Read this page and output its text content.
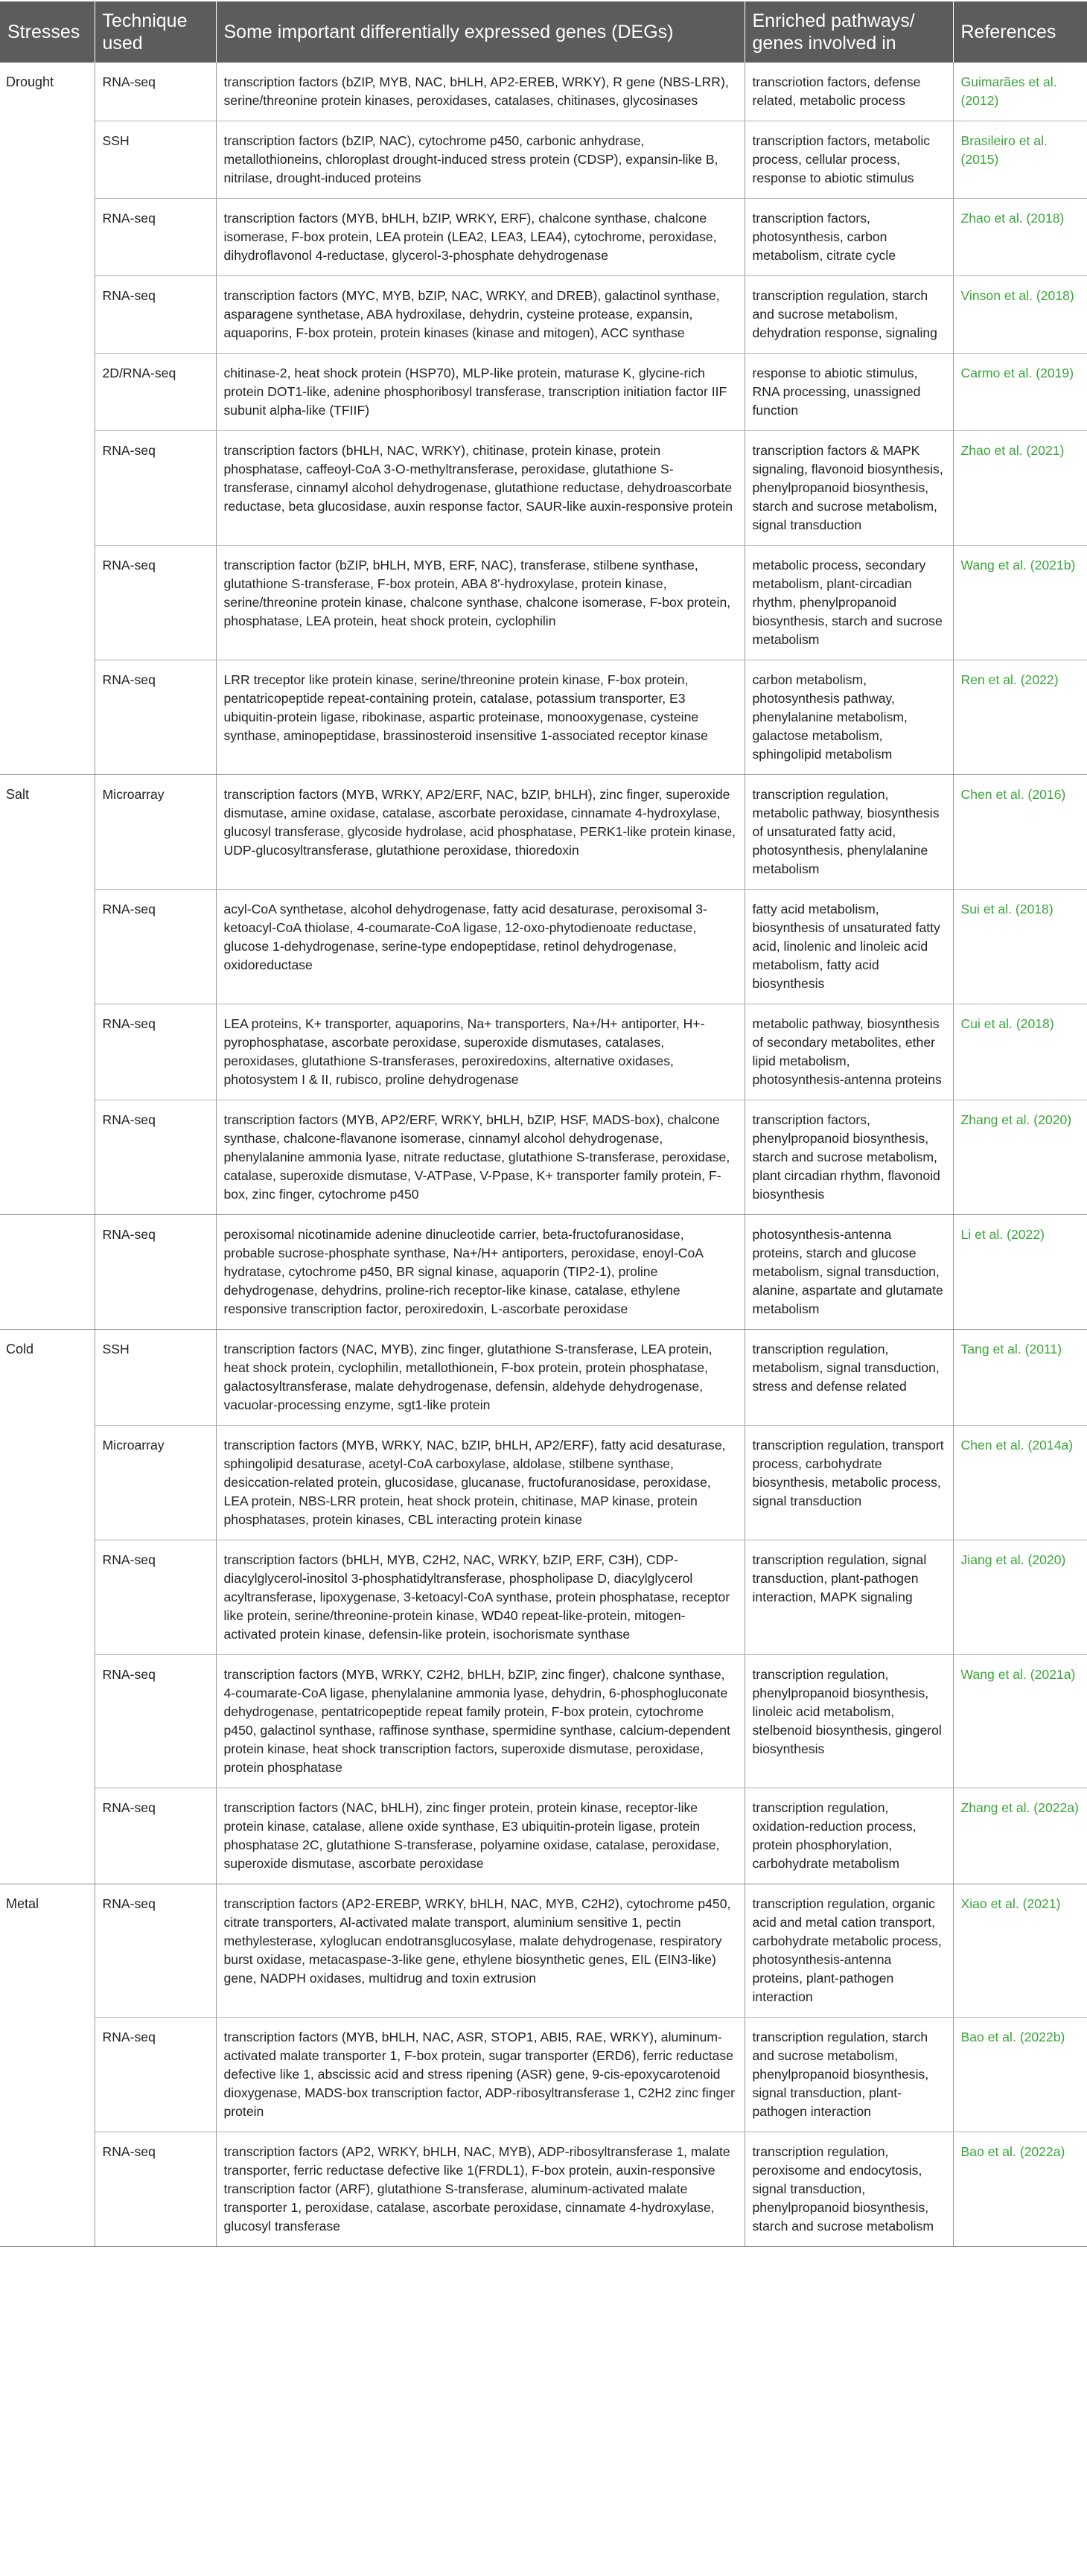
Stresses	Technique used	Some important differentially expressed genes (DEGs)	Enriched pathways/ genes involved in	References
Drought	RNA-seq	transcription factors (bZIP, MYB, NAC, bHLH, AP2-EREB, WRKY), R gene (NBS-LRR), serine/threonine protein kinases, peroxidases, catalases, chitinases, glycosinases	transcriotion factors, defense related, metabolic process	Guimarães et al. (2012)
	SSH	transcription factors (bZIP, NAC), cytochrome p450, carbonic anhydrase, metallothioneins, chloroplast drought-induced stress protein (CDSP), expansin-like B, nitrilase, drought-induced proteins	transcription factors, metabolic process, cellular process, response to abiotic stimulus	Brasileiro et al. (2015)
	RNA-seq	transcription factors (MYB, bHLH, bZIP, WRKY, ERF), chalcone synthase, chalcone isomerase, F-box protein, LEA protein (LEA2, LEA3, LEA4), cytochrome, peroxidase, dihydroflavonol 4-reductase, glycerol-3-phosphate dehydrogenase	transcription factors, photosynthesis, carbon metabolism, citrate cycle	Zhao et al. (2018)
	RNA-seq	transcription factors (MYC, MYB, bZIP, NAC, WRKY, and DREB), galactinol synthase, asparagene synthetase, ABA hydroxilase, dehydrin, cysteine protease, expansin, aquaporins, F-box protein, protein kinases (kinase and mitogen), ACC synthase	transcription regulation, starch and sucrose metabolism, dehydration response, signaling	Vinson et al. (2018)
	2D/RNA-seq	chitinase-2, heat shock protein (HSP70), MLP-like protein, maturase K, glycine-rich protein DOT1-like, adenine phosphoribosyl transferase, transcription initiation factor IIF subunit alpha-like (TFIIF)	response to abiotic stimulus, RNA processing, unassigned function	Carmo et al. (2019)
	RNA-seq	transcription factors (bHLH, NAC, WRKY), chitinase, protein kinase, protein phosphatase, caffeoyl-CoA 3-O-methyltransferase, peroxidase, glutathione S-transferase, cinnamyl alcohol dehydrogenase, glutathione reductase, dehydroascorbate reductase, beta glucosidase, auxin response factor, SAUR-like auxin-responsive protein	transcription factors & MAPK signaling, flavonoid biosynthesis, phenylpropanoid biosynthesis, starch and sucrose metabolism, signal transduction	Zhao et al. (2021)
	RNA-seq	transcription factor (bZIP, bHLH, MYB, ERF, NAC), transferase, stilbene synthase, glutathione S-transferase, F-box protein, ABA 8'-hydroxylase, protein kinase, serine/threonine protein kinase, chalcone synthase, chalcone isomerase, F-box protein, phosphatase, LEA protein, heat shock protein, cyclophilin	metabolic process, secondary metabolism, plant-circadian rhythm, phenylpropanoid biosynthesis, starch and sucrose metabolism	Wang et al. (2021b)
	RNA-seq	LRR treceptor like protein kinase, serine/threonine protein kinase, F-box protein, pentatricopeptide repeat-containing protein, catalase, potassium transporter, E3 ubiquitin-protein ligase, ribokinase, aspartic proteinase, monooxygenase, cysteine synthase, aminopeptidase, brassinosteroid insensitive 1-associated receptor kinase	carbon metabolism, photosynthesis pathway, phenylalanine metabolism, galactose metabolism, sphingolipid metabolism	Ren et al. (2022)
Salt	Microarray	transcription factors (MYB, WRKY, AP2/ERF, NAC, bZIP, bHLH), zinc finger, superoxide dismutase, amine oxidase, catalase, ascorbate peroxidase, cinnamate 4-hydroxylase, glucosyl transferase, glycoside hydrolase, acid phosphatase, PERK1-like protein kinase, UDP-glucosyltransferase, glutathione peroxidase, thioredoxin	transcription regulation, metabolic pathway, biosynthesis of unsaturated fatty acid, photosynthesis, phenylalanine metabolism	Chen et al. (2016)
	RNA-seq	acyl-CoA synthetase, alcohol dehydrogenase, fatty acid desaturase, peroxisomal 3-ketoacyl-CoA thiolase, 4-coumarate-CoA ligase, 12-oxo-phytodienoate reductase, glucose 1-dehydrogenase, serine-type endopeptidase, retinol dehydrogenase, oxidoreductase	fatty acid metabolism, biosynthesis of unsaturated fatty acid, linolenic and linoleic acid metabolism, fatty acid biosynthesis	Sui et al. (2018)
	RNA-seq	LEA proteins, K+ transporter, aquaporins, Na+ transporters, Na+/H+ antiporter, H+-pyrophosphatase, ascorbate peroxidase, superoxide dismutases, catalases, peroxidases, glutathione S-transferases, peroxiredoxins, alternative oxidases, photosystem I & II, rubisco, proline dehydrogenase	metabolic pathway, biosynthesis of secondary metabolites, ether lipid metabolism, photosynthesis-antenna proteins	Cui et al. (2018)
	RNA-seq	transcription factors (MYB, AP2/ERF, WRKY, bHLH, bZIP, HSF, MADS-box), chalcone synthase, chalcone-flavanone isomerase, cinnamyl alcohol dehydrogenase, phenylalanine ammonia lyase, nitrate reductase, glutathione S-transferase, peroxidase, catalase, superoxide dismutase, V-ATPase, V-Ppase, K+ transporter family protein, F-box, zinc finger, cytochrome p450	transcription factors, phenylpropanoid biosynthesis, starch and sucrose metabolism, plant circadian rhythm, flavonoid biosynthesis	Zhang et al. (2020)
	RNA-seq	peroxisomal nicotinamide adenine dinucleotide carrier, beta-fructofuranosidase, probable sucrose-phosphate synthase, Na+/H+ antiporters, peroxidase, enoyl-CoA hydratase, cytochrome p450, BR signal kinase, aquaporin (TIP2-1), proline dehydrogenase, dehydrins, proline-rich receptor-like kinase, catalase, ethylene responsive transcription factor, peroxiredoxin, L-ascorbate peroxidase	photosynthesis-antenna proteins, starch and glucose metabolism, signal transduction, alanine, aspartate and glutamate metabolism	Li et al. (2022)
Cold	SSH	transcription factors (NAC, MYB), zinc finger, glutathione S-transferase, LEA protein, heat shock protein, cyclophilin, metallothionein, F-box protein, protein phosphatase, galactosyltransferase, malate dehydrogenase, defensin, aldehyde dehydrogenase, vacuolar-processing enzyme, sgt1-like protein	transcription regulation, metabolism, signal transduction, stress and defense related	Tang et al. (2011)
	Microarray	transcription factors (MYB, WRKY, NAC, bZIP, bHLH, AP2/ERF), fatty acid desaturase, sphingolipid desaturase, acetyl-CoA carboxylase, aldolase, stilbene synthase, desiccation-related protein, glucosidase, glucanase, fructofuranosidase, peroxidase, LEA protein, NBS-LRR protein, heat shock protein, chitinase, MAP kinase, protein phosphatases, protein kinases, CBL interacting protein kinase	transcription regulation, transport process, carbohydrate biosynthesis, metabolic process, signal transduction	Chen et al. (2014a)
	RNA-seq	transcription factors (bHLH, MYB, C2H2, NAC, WRKY, bZIP, ERF, C3H), CDP-diacylglycerol-inositol 3-phosphatidyltransferase, phospholipase D, diacylglycerol acyltransferase, lipoxygenase, 3-ketoacyl-CoA synthase, protein phosphatase, receptor like protein, serine/threonine-protein kinase, WD40 repeat-like-protein, mitogen-activated protein kinase, defensin-like protein, isochorismate synthase	transcription regulation, signal transduction, plant-pathogen interaction, MAPK signaling	Jiang et al. (2020)
	RNA-seq	transcription factors (MYB, WRKY, C2H2, bHLH, bZIP, zinc finger), chalcone synthase, 4-coumarate-CoA ligase, phenylalanine ammonia lyase, dehydrin, 6-phosphogluconate dehydrogenase, pentatricopeptide repeat family protein, F-box protein, cytochrome p450, galactinol synthase, raffinose synthase, spermidine synthase, calcium-dependent protein kinase, heat shock transcription factors, superoxide dismutase, peroxidase, protein phosphatase	transcription regulation, phenylpropanoid biosynthesis, linoleic acid metabolism, stelbenoid biosynthesis, gingerol biosynthesis	Wang et al. (2021a)
	RNA-seq	transcription factors (NAC, bHLH), zinc finger protein, protein kinase, receptor-like protein kinase, catalase, allene oxide synthase, E3 ubiquitin-protein ligase, protein phosphatase 2C, glutathione S-transferase, polyamine oxidase, catalase, peroxidase, superoxide dismutase, ascorbate peroxidase	transcription regulation, oxidation-reduction process, protein phosphorylation, carbohydrate metabolism	Zhang et al. (2022a)
Metal	RNA-seq	transcription factors (AP2-EREBP, WRKY, bHLH, NAC, MYB, C2H2), cytochrome p450, citrate transporters, Al-activated malate transport, aluminium sensitive 1, pectin methylesterase, xyloglucan endotransglucosylase, malate dehydrogenase, respiratory burst oxidase, metacaspase-3-like gene, ethylene biosynthetic genes, EIL (EIN3-like) gene, NADPH oxidases, multidrug and toxin extrusion	transcription regulation, organic acid and metal cation transport, carbohydrate metabolic process, photosynthesis-antenna proteins, plant-pathogen interaction	Xiao et al. (2021)
	RNA-seq	transcription factors (MYB, bHLH, NAC, ASR, STOP1, ABI5, RAE, WRKY), aluminum-activated malate transporter 1, F-box protein, sugar transporter (ERD6), ferric reductase defective like 1, abscissic acid and stress ripening (ASR) gene, 9-cis-epoxycarotenoid dioxygenase, MADS-box transcription factor, ADP-ribosyltransferase 1, C2H2 zinc finger protein	transcription regulation, starch and sucrose metabolism, phenylpropanoid biosynthesis, signal transduction, plant-pathogen interaction	Bao et al. (2022b)
	RNA-seq	transcription factors (AP2, WRKY, bHLH, NAC, MYB), ADP-ribosyltransferase 1, malate transporter, ferric reductase defective like 1(FRDL1), F-box protein, auxin-responsive transcription factor (ARF), glutathione S-transferase, aluminum-activated malate transporter 1, peroxidase, catalase, ascorbate peroxidase, cinnamate 4-hydroxylase, glucosyl transferase	transcription regulation, peroxisome and endocytosis, signal transduction, phenylpropanoid biosynthesis, starch and sucrose metabolism	Bao et al. (2022a)
